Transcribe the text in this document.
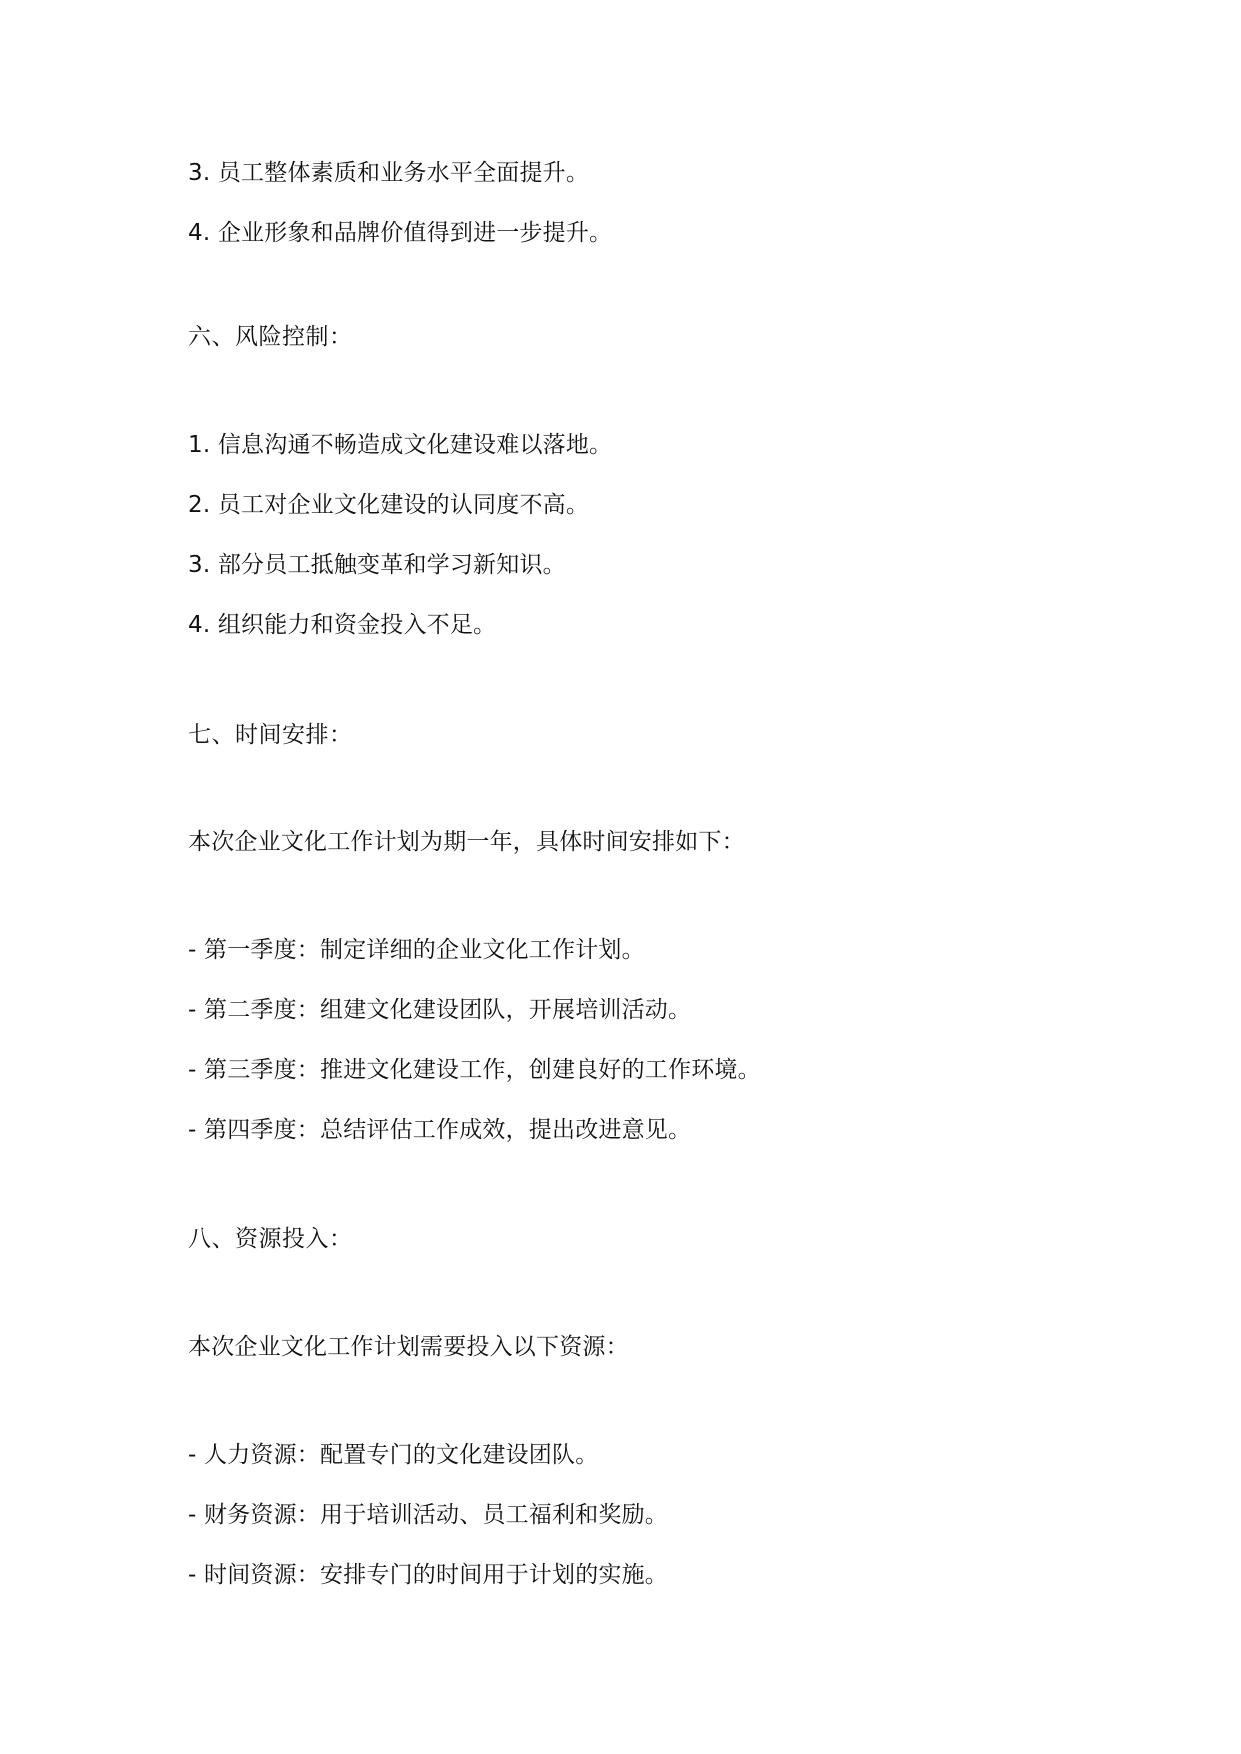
3. 员工整体素质和业务水平全面提升。

4. 企业形象和品牌价值得到进一步提升。

六、风险控制：

1. 信息沟通不畅造成文化建设难以落地。

2. 员工对企业文化建设的认同度不高。

3. 部分员工抵触变革和学习新知识。

4. 组织能力和资金投入不足。

七、时间安排：

本次企业文化工作计划为期一年，具体时间安排如下：

- 第一季度：制定详细的企业文化工作计划。

- 第二季度：组建文化建设团队，开展培训活动。

- 第三季度：推进文化建设工作，创建良好的工作环境。

- 第四季度：总结评估工作成效，提出改进意见。

八、资源投入：

本次企业文化工作计划需要投入以下资源：

- 人力资源：配置专门的文化建设团队。

- 财务资源：用于培训活动、员工福利和奖励。

- 时间资源：安排专门的时间用于计划的实施。
